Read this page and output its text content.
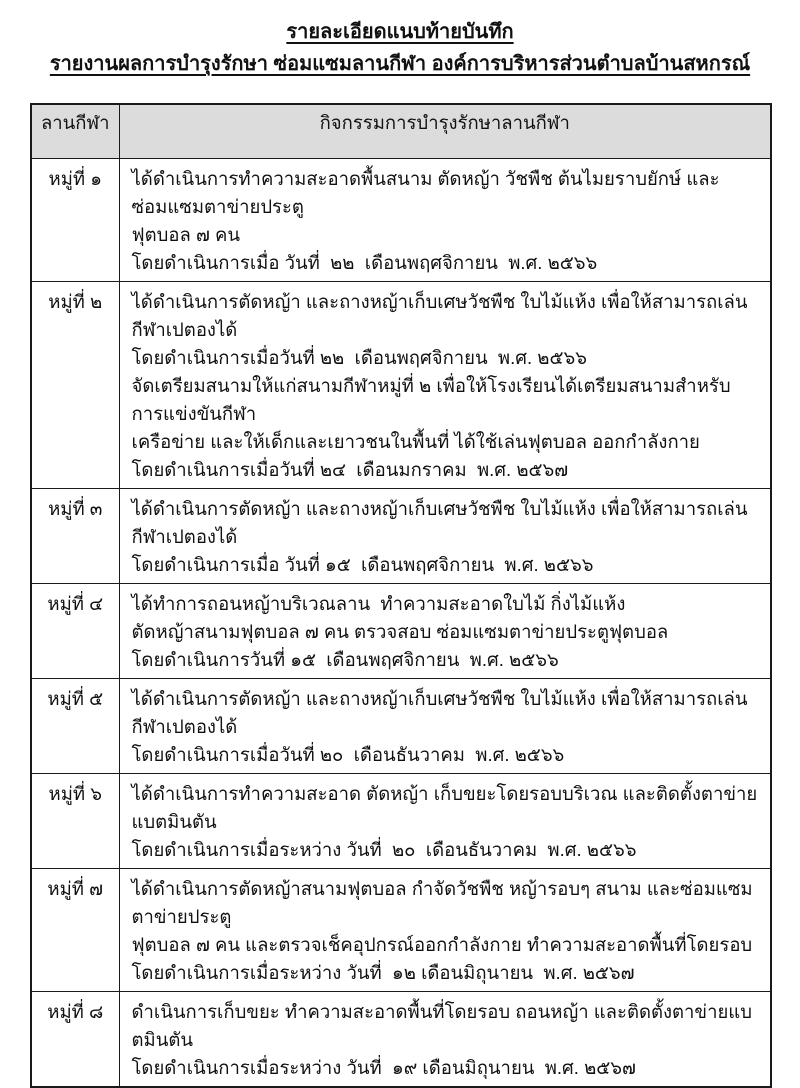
รายละเอียดแนบท้ายบันทึก
รายงานผลการบำรุงรักษา ซ่อมแซมลานกีฬา องค์การบริหารส่วนตำบลบ้านสหกรณ์
ลานกีฬา	กิจกรรมการบำรุงรักษาลานกีฬา
หมู่ที่ ๑	ได้ดำเนินการทำความสะอาดพื้นสนาม ตัดหญ้า วัชพืช ต้นไมยราบยักษ์ และซ่อมแซมตาข่ายประตู
ฟุตบอล ๗ คน
โดยดำเนินการเมื่อ วันที่  ๒๒  เดือนพฤศจิกายน  พ.ศ. ๒๕๖๖

หมู่ที่ ๒	ได้ดำเนินการตัดหญ้า และถางหญ้าเก็บเศษวัชพืช ใบไม้แห้ง เพื่อให้สามารถเล่นกีฬาเปตองได้
โดยดำเนินการเมื่อวันที่ ๒๒  เดือนพฤศจิกายน  พ.ศ. ๒๕๖๖
จัดเตรียมสนามให้แก่สนามกีฬาหมู่ที่ ๒ เพื่อให้โรงเรียนได้เตรียมสนามสำหรับการแข่งขันกีฬา
เครือข่าย และให้เด็กและเยาวชนในพื้นที่ ได้ใช้เล่นฟุตบอล ออกกำลังกาย
โดยดำเนินการเมื่อวันที่ ๒๔  เดือนมกราคม  พ.ศ. ๒๕๖๗

หมู่ที่ ๓	ได้ดำเนินการตัดหญ้า และถางหญ้าเก็บเศษวัชพืช ใบไม้แห้ง เพื่อให้สามารถเล่นกีฬาเปตองได้
โดยดำเนินการเมื่อ วันที่ ๑๕  เดือนพฤศจิกายน  พ.ศ. ๒๕๖๖

หมู่ที่ ๔	ได้ทำการถอนหญ้าบริเวณลาน  ทำความสะอาดใบไม้ กิ่งไม้แห้ง
ตัดหญ้าสนามฟุตบอล ๗ คน ตรวจสอบ ซ่อมแซมตาข่ายประตูฟุตบอล
โดยดำเนินการวันที่ ๑๕  เดือนพฤศจิกายน  พ.ศ. ๒๕๖๖

หมู่ที่ ๕	ได้ดำเนินการตัดหญ้า และถางหญ้าเก็บเศษวัชพืช ใบไม้แห้ง เพื่อให้สามารถเล่นกีฬาเปตองได้
โดยดำเนินการเมื่อวันที่ ๒๐  เดือนธันวาคม  พ.ศ. ๒๕๖๖

หมู่ที่ ๖	ได้ดำเนินการทำความสะอาด ตัดหญ้า เก็บขยะโดยรอบบริเวณ และติดตั้งตาข่ายแบตมินตัน
โดยดำเนินการเมื่อระหว่าง วันที่  ๒๐  เดือนธันวาคม  พ.ศ. ๒๕๖๖

หมู่ที่ ๗	ได้ดำเนินการตัดหญ้าสนามฟุตบอล กำจัดวัชพืช หญ้ารอบๆ สนาม และซ่อมแซมตาข่ายประตู
ฟุตบอล ๗ คน และตรวจเช็คอุปกรณ์ออกกำลังกาย ทำความสะอาดพื้นที่โดยรอบ
โดยดำเนินการเมื่อระหว่าง วันที่  ๑๒ เดือนมิถุนายน  พ.ศ. ๒๕๖๗

หมู่ที่ ๘	ดำเนินการเก็บขยะ ทำความสะอาดพื้นที่โดยรอบ ถอนหญ้า และติดตั้งตาข่ายแบตมินตัน
โดยดำเนินการเมื่อระหว่าง วันที่  ๑๙ เดือนมิถุนายน  พ.ศ. ๒๕๖๗
